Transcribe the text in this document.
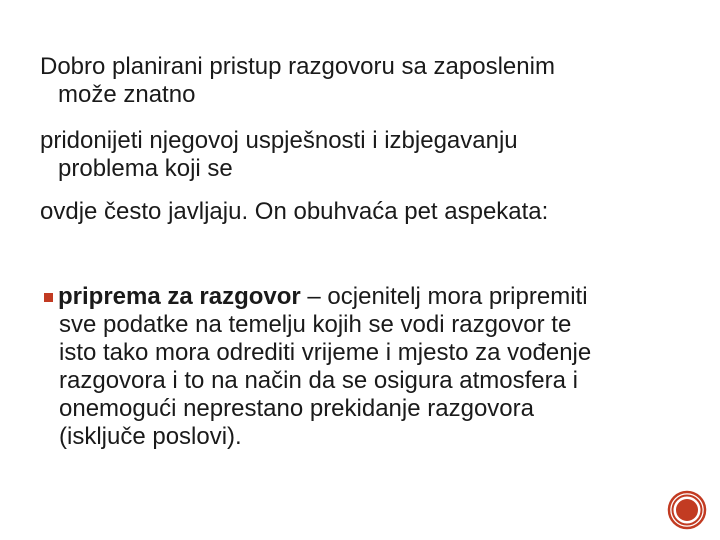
Dobro planirani pristup razgovoru sa zaposlenim
može znatno

pridonijeti njegovoj uspješnosti i izbjegavanju
problema koji se

ovdje često javljaju. On obuhvaća pet aspekata:

priprema za razgovor – ocjenitelj mora pripremiti
sve podatke na temelju kojih se vodi razgovor te
isto tako mora odrediti vrijeme i mjesto za vođenje
razgovora i to na način da se osigura atmosfera i
onemogući neprestano prekidanje razgovora
(isključe poslovi).
